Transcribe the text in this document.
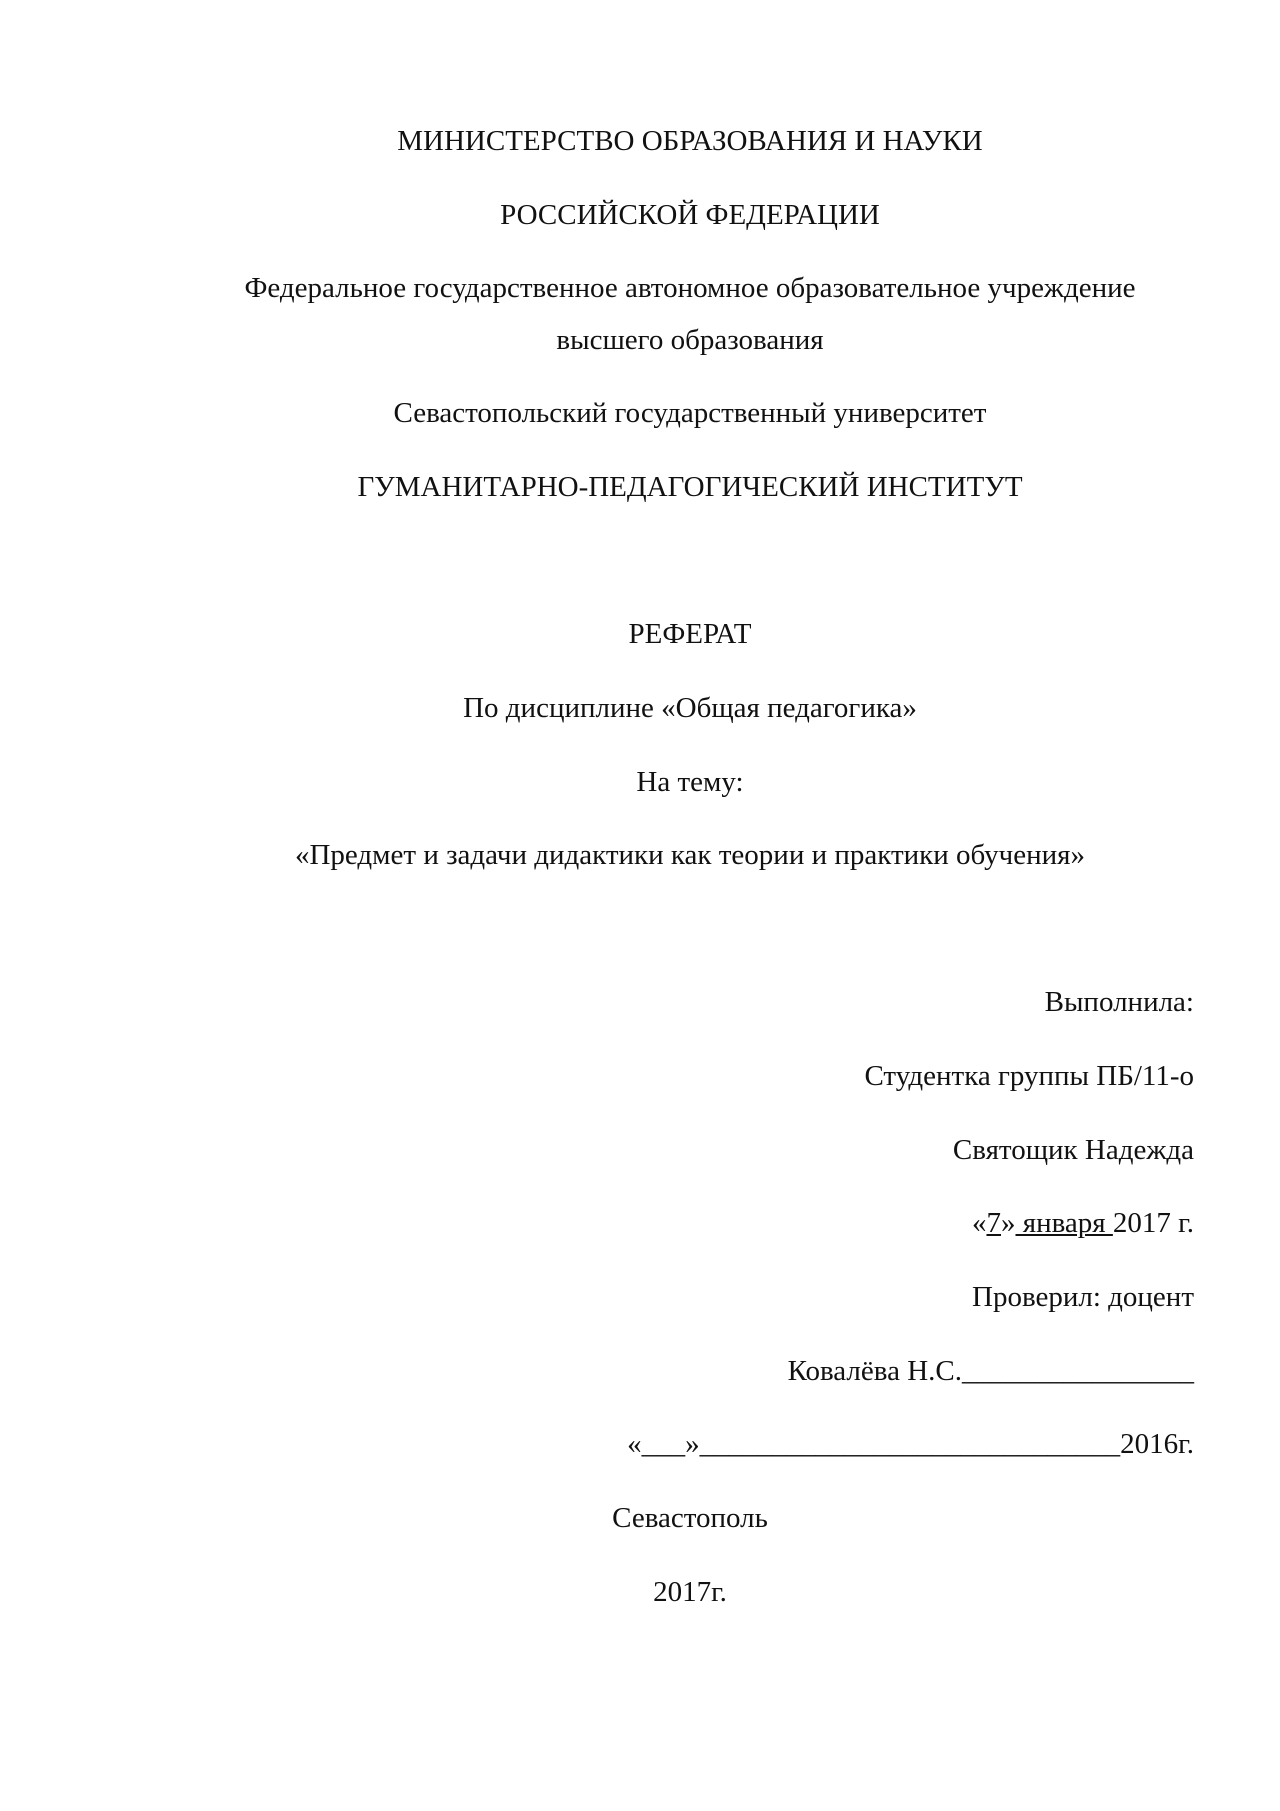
МИНИСТЕРСТВО ОБРАЗОВАНИЯ И НАУКИ
РОССИЙСКОЙ ФЕДЕРАЦИИ
Федеральное государственное автономное образовательное учреждение
высшего образования
Севастопольский государственный университет
ГУМАНИТАРНО-ПЕДАГОГИЧЕСКИЙ ИНСТИТУТ
РЕФЕРАТ
По дисциплине «Общая педагогика»
На тему:
«Предмет и задачи дидактики как теории и практики обучения»
Выполнила:
Студентка группы ПБ/11-о
Святощик Надежда
«7» января 2017 г.
Проверил: доцент
Ковалёва Н.С.________________
«___»_____________________________2016г.
Севастополь
2017г.
